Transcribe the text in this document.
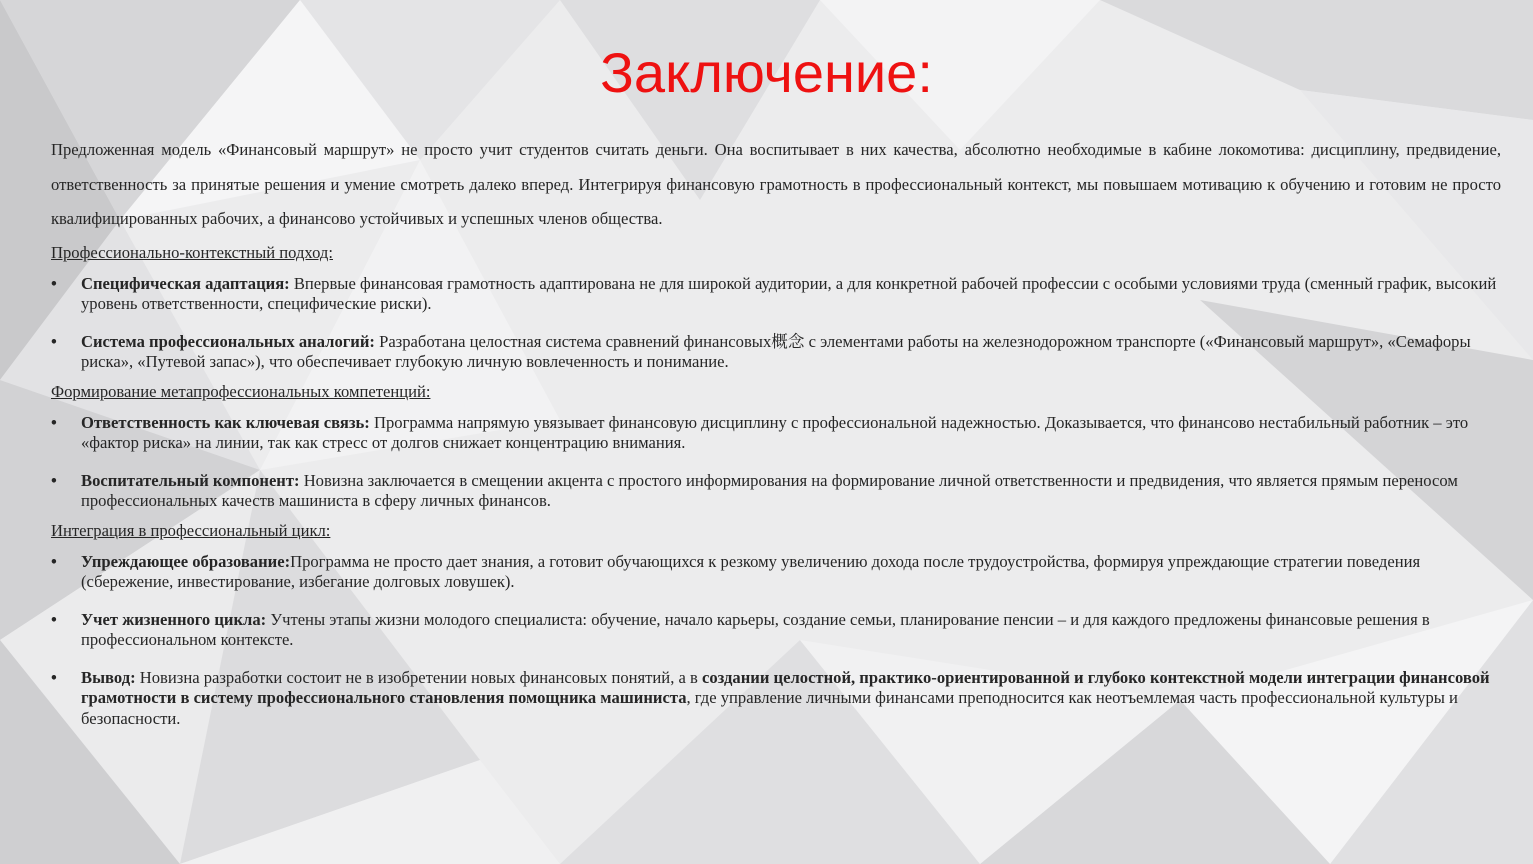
Заключение:

Предложенная модель «Финансовый маршрут» не просто учит студентов считать деньги. Она воспитывает в них качества, абсолютно необходимые в кабине локомотива: дисциплину, предвидение, ответственность за принятые решения и умение смотреть далеко вперед. Интегрируя финансовую грамотность в профессиональный контекст, мы повышаем мотивацию к обучению и готовим не просто квалифицированных рабочих, а финансово устойчивых и успешных членов общества.

Профессионально-контекстный подход:
• Специфическая адаптация: Впервые финансовая грамотность адаптирована не для широкой аудитории, а для конкретной рабочей профессии с особыми условиями труда (сменный график, высокий уровень ответственности, специфические риски).
• Система профессиональных аналогий: Разработана целостная система сравнений финансовых概念 с элементами работы на железнодорожном транспорте («Финансовый маршрут», «Семафоры риска», «Путевой запас»), что обеспечивает глубокую личную вовлеченность и понимание.
Формирование метапрофессиональных компетенций:
• Ответственность как ключевая связь: Программа напрямую увязывает финансовую дисциплину с профессиональной надежностью. Доказывается, что финансово нестабильный работник – это «фактор риска» на линии, так как стресс от долгов снижает концентрацию внимания.
• Воспитательный компонент: Новизна заключается в смещении акцента с простого информирования на формирование личной ответственности и предвидения, что является прямым переносом профессиональных качеств машиниста в сферу личных финансов.
Интеграция в профессиональный цикл:
• Упреждающее образование:Программа не просто дает знания, а готовит обучающихся к резкому увеличению дохода после трудоустройства, формируя упреждающие стратегии поведения (сбережение, инвестирование, избегание долговых ловушек).
• Учет жизненного цикла: Учтены этапы жизни молодого специалиста: обучение, начало карьеры, создание семьи, планирование пенсии – и для каждого предложены финансовые решения в профессиональном контексте.
• Вывод: Новизна разработки состоит не в изобретении новых финансовых понятий, а в создании целостной, практико-ориентированной и глубоко контекстной модели интеграции финансовой грамотности в систему профессионального становления помощника машиниста, где управление личными финансами преподносится как неотъемлемая часть профессиональной культуры и безопасности.
